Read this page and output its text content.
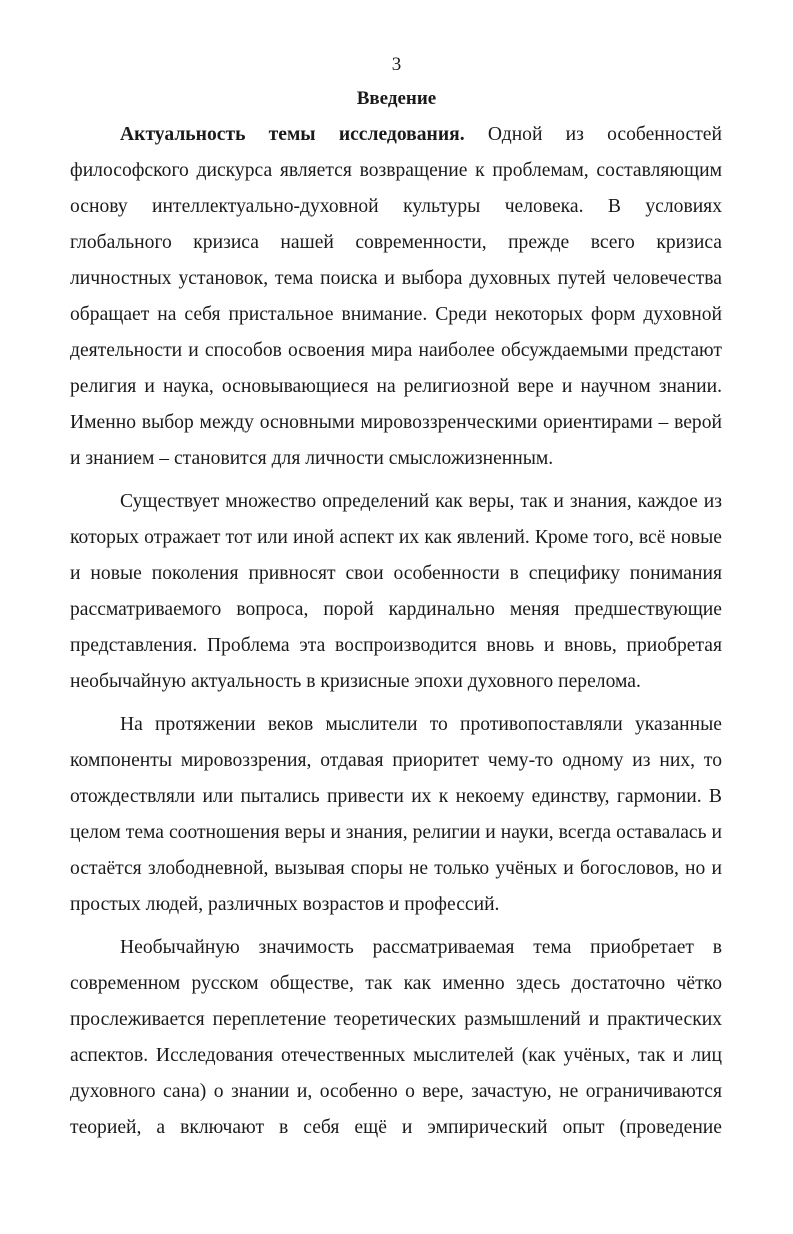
3
Введение
Актуальность темы исследования. Одной из особенностей
философского дискурса является возвращение к проблемам, составляющим
основу интеллектуально-духовной культуры человека. В условиях
глобального кризиса нашей современности, прежде всего кризиса
личностных установок, тема поиска и выбора духовных путей человечества
обращает на себя пристальное внимание. Среди некоторых форм духовной
деятельности и способов освоения мира наиболее обсуждаемыми предстают
религия и наука, основывающиеся на религиозной вере и научном знании.
Именно выбор между основными мировоззренческими ориентирами – верой
и знанием – становится для личности смысложизненным.
Существует множество определений как веры, так и знания, каждое из
которых отражает тот или иной аспект их как явлений. Кроме того, всё новые
и новые поколения привносят свои особенности в специфику понимания
рассматриваемого вопроса, порой кардинально меняя предшествующие
представления. Проблема эта воспроизводится вновь и вновь, приобретая
необычайную актуальность в кризисные эпохи духовного перелома.
На протяжении веков мыслители то противопоставляли указанные
компоненты мировоззрения, отдавая приоритет чему-то одному из них, то
отождествляли или пытались привести их к некоему единству, гармонии. В
целом тема соотношения веры и знания, религии и науки, всегда оставалась и
остаётся злободневной, вызывая споры не только учёных и богословов, но и
простых людей, различных возрастов и профессий.
Необычайную значимость рассматриваемая тема приобретает в
современном русском обществе, так как именно здесь достаточно чётко
прослеживается переплетение теоретических размышлений и практических
аспектов. Исследования отечественных мыслителей (как учёных, так и лиц
духовного сана) о знании и, особенно о вере, зачастую, не ограничиваются
теорией, а включают в себя ещё и эмпирический опыт (проведение
